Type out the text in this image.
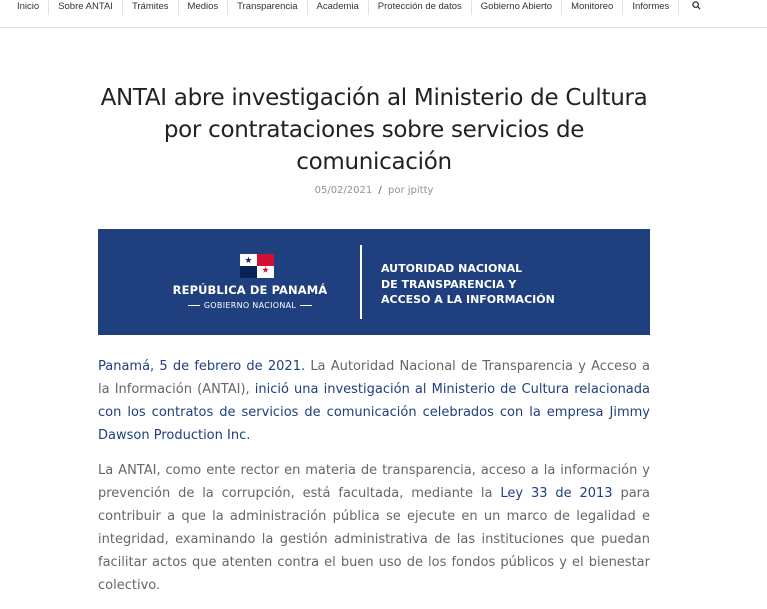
Inicio	Sobre ANTAI	Trámites	Medios	Transparencia	Academia	Protección de datos	Gobierno Abierto	Monitoreo	Informes
ANTAI abre investigación al Ministerio de Cultura por contrataciones sobre servicios de comunicación
05/02/2021 / por jpitty
REPÚBLICA DE PANAMÁ
GOBIERNO NACIONAL
AUTORIDAD NACIONAL
DE TRANSPARENCIA Y
ACCESO A LA INFORMACIÓN

Panamá, 5 de febrero de 2021. La Autoridad Nacional de Transparencia y Acceso a la Información (ANTAI), inició una investigación al Ministerio de Cultura relacionada con los contratos de servicios de comunicación celebrados con la empresa Jimmy Dawson Production Inc.

La ANTAI, como ente rector en materia de transparencia, acceso a la información y prevención de la corrupción, está facultada, mediante la Ley 33 de 2013 para contribuir a que la administración pública se ejecute en un marco de legalidad e integridad, examinando la gestión administrativa de las instituciones que puedan facilitar actos que atenten contra el buen uso de los fondos públicos y el bienestar colectivo.
